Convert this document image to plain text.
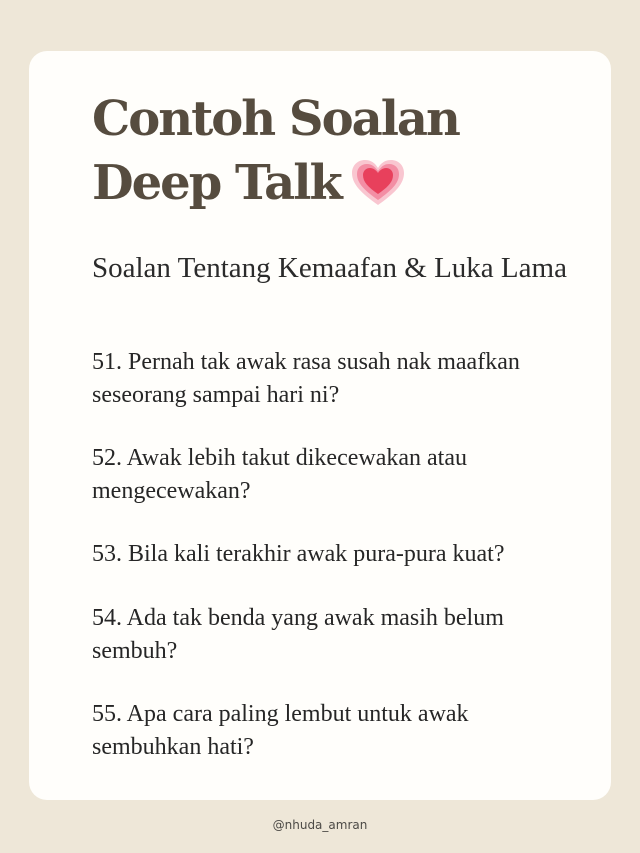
Contoh Soalan
Deep Talk

Soalan Tentang Kemaafan & Luka Lama

51. Pernah tak awak rasa susah nak maafkan seseorang sampai hari ni?
52. Awak lebih takut dikecewakan atau mengecewakan?
53. Bila kali terakhir awak pura-pura kuat?
54. Ada tak benda yang awak masih belum sembuh?
55. Apa cara paling lembut untuk awak sembuhkan hati?
@nhuda_amran
